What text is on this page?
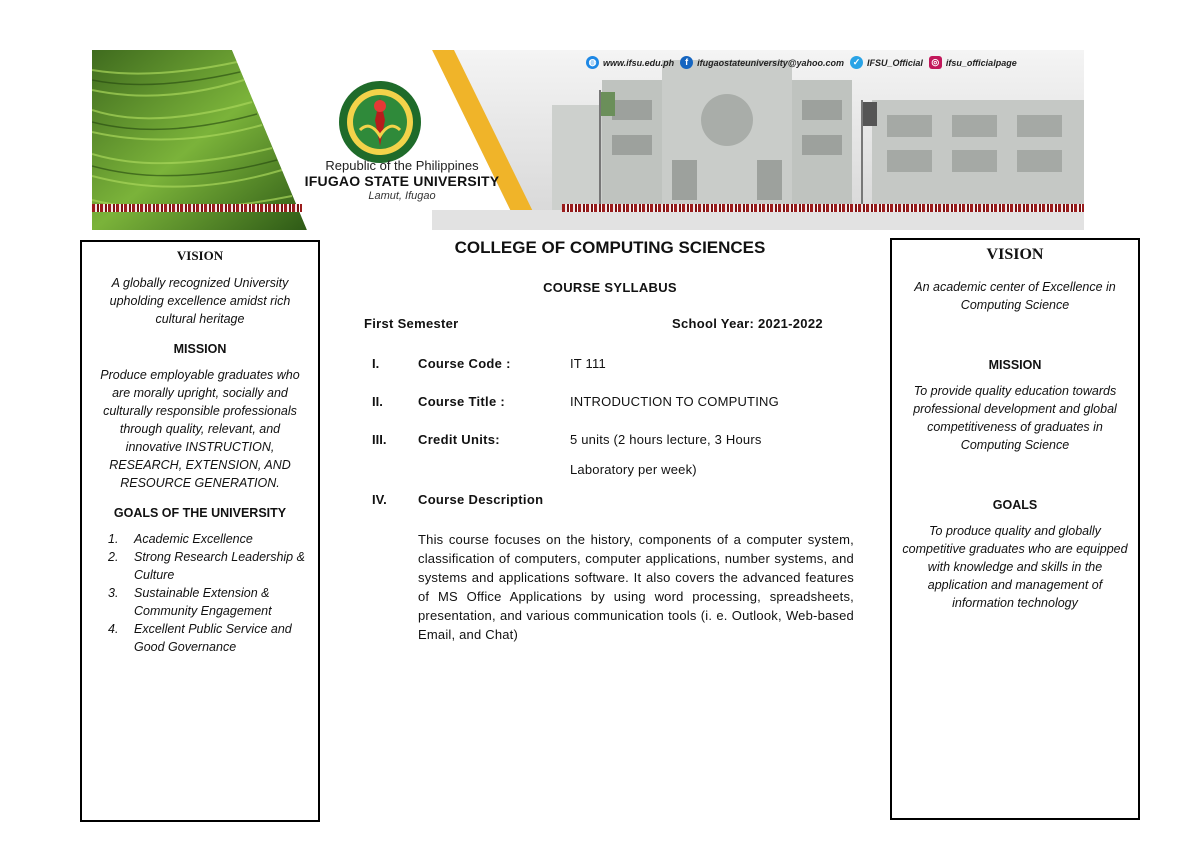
Republic of the Philippines
IFUGAO STATE UNIVERSITY
Lamut, Ifugao
◍ www.ifsu.edu.ph	f	ifugaostateuniversity@yahoo.com ✓ IFSU_Official ◎ ifsu_officialpage
VISION

A globally recognized University upholding excellence amidst rich cultural heritage

MISSION

Produce employable graduates who are morally upright, socially and culturally responsible professionals through quality, relevant, and innovative INSTRUCTION, RESEARCH, EXTENSION, AND RESOURCE GENERATION.

GOALS OF THE UNIVERSITY
1.	Academic Excellence
2.	Strong Research Leadership & Culture
3.	Sustainable Extension & Community Engagement
4.	Excellent Public Service and Good Governance
COLLEGE OF COMPUTING SCIENCES
COURSE SYLLABUS
First Semester	School Year: 2021-2022
I.	Course Code :	IT 111
II.	Course Title :	INTRODUCTION TO COMPUTING
III. Credit Units:	5 units (2 hours lecture, 3 Hours
Laboratory per week)
IV. Course Description
This course focuses on the history, components of a computer system, classification of computers, computer applications, number systems, and systems and applications software. It also covers the advanced features of MS Office Applications by using word processing, spreadsheets, presentation, and various communication tools (i. e. Outlook, Web-based Email, and Chat)
VISION

An academic center of Excellence in Computing Science

MISSION

To provide quality education towards professional development and global competitiveness of graduates in Computing Science

GOALS

To produce quality and globally competitive graduates who are equipped with knowledge and skills in the application and management of information technology
